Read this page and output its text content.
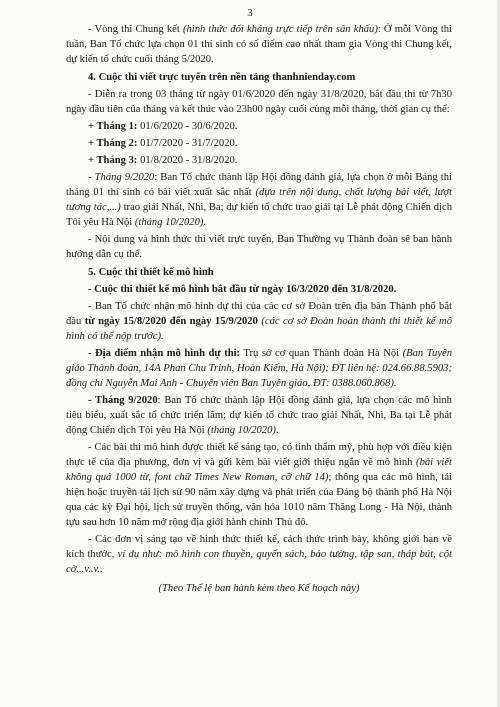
3

- Vòng thi Chung kết (hình thức đối kháng trực tiếp trên sân khấu): Ở mỗi Vòng thi tuần, Ban Tổ chức lựa chọn 01 thí sinh có số điểm cao nhất tham gia Vòng thi Chung kết, dự kiến tổ chức cuối tháng 5/2020.

4. Cuộc thi viết trực tuyến trên nền tảng thanhnienday.com

- Diễn ra trong 03 tháng từ ngày 01/6/2020 đến ngày 31/8/2020, bắt đầu thi từ 7h30 ngày đầu tiên của tháng và kết thúc vào 23h00 ngày cuối cùng mỗi tháng, thời gian cụ thể:

+ Tháng 1: 01/6/2020 - 30/6/2020.

+ Tháng 2: 01/7/2020 - 31/7/2020.

+ Tháng 3: 01/8/2020 - 31/8/2020.

- Tháng 9/2020: Ban Tổ chức thành lập Hội đồng đánh giá, lựa chọn ở mỗi Bảng thi tháng 01 thí sinh có bài viết xuất sắc nhất (dựa trên nội dung, chất lượng bài viết, lượt tương tác,...) trao giải Nhất, Nhì, Ba; dự kiến tổ chức trao giải tại Lễ phát động Chiến dịch Tôi yêu Hà Nội (tháng 10/2020).

- Nội dung và hình thức thi viết trực tuyến, Ban Thường vụ Thành đoàn sẽ ban hành hướng dẫn cụ thể.

5. Cuộc thi thiết kế mô hình

- Cuộc thi thiết kế mô hình bắt đầu từ ngày 16/3/2020 đến 31/8/2020.

- Ban Tổ chức nhận mô hình dự thi của các cơ sở Đoàn trên địa bàn Thành phố bắt đầu từ ngày 15/8/2020 đến ngày 15/9/2020 (các cơ sở Đoàn hoàn thành thi thiết kế mô hình có thể nộp trước).

- Địa điểm nhận mô hình dự thi: Trụ sở cơ quan Thành đoàn Hà Nội (Ban Tuyên giáo Thành đoàn, 14A Phan Chu Trinh, Hoàn Kiếm, Hà Nội); ĐT liên hệ: 024.66.88.5903; đồng chí Nguyễn Mai Anh - Chuyên viên Ban Tuyên giáo, ĐT: 0388.060.868).

- Tháng 9/2020: Ban Tổ chức thành lập Hội đồng đánh giá, lựa chọn các mô hình tiêu biểu, xuất sắc tổ chức triển lãm; dự kiến tổ chức trao giải Nhất, Nhì, Ba tại Lễ phát động Chiến dịch Tôi yêu Hà Nội (tháng 10/2020).

- Các bài thi mô hình được thiết kế sáng tạo, có tính thẩm mỹ, phù hợp với điều kiện thực tế của địa phương, đơn vị và gửi kèm bài viết giới thiệu ngắn về mô hình (bài viết không quá 1000 từ, font chữ Times New Roman, cỡ chữ 14); thông qua các mô hình, tái hiện hoặc truyền tải lịch sử 90 năm xây dựng và phát triển của Đảng bộ thành phố Hà Nội qua các kỳ Đại hội, lịch sử truyền thống, văn hóa 1010 năm Thăng Long - Hà Nội, thành tựu sau hơn 10 năm mở rộng địa giới hành chính Thủ đô.

- Các đơn vị sáng tạo về hình thức thiết kế, cách thức trình bày, không giới hạn về kích thước, ví dụ như: mô hình con thuyền, quyển sách, bảo tường, tập san, tháp bút, cột cờ...v..v..

(Theo Thể lệ ban hành kèm theo Kế hoạch này)
